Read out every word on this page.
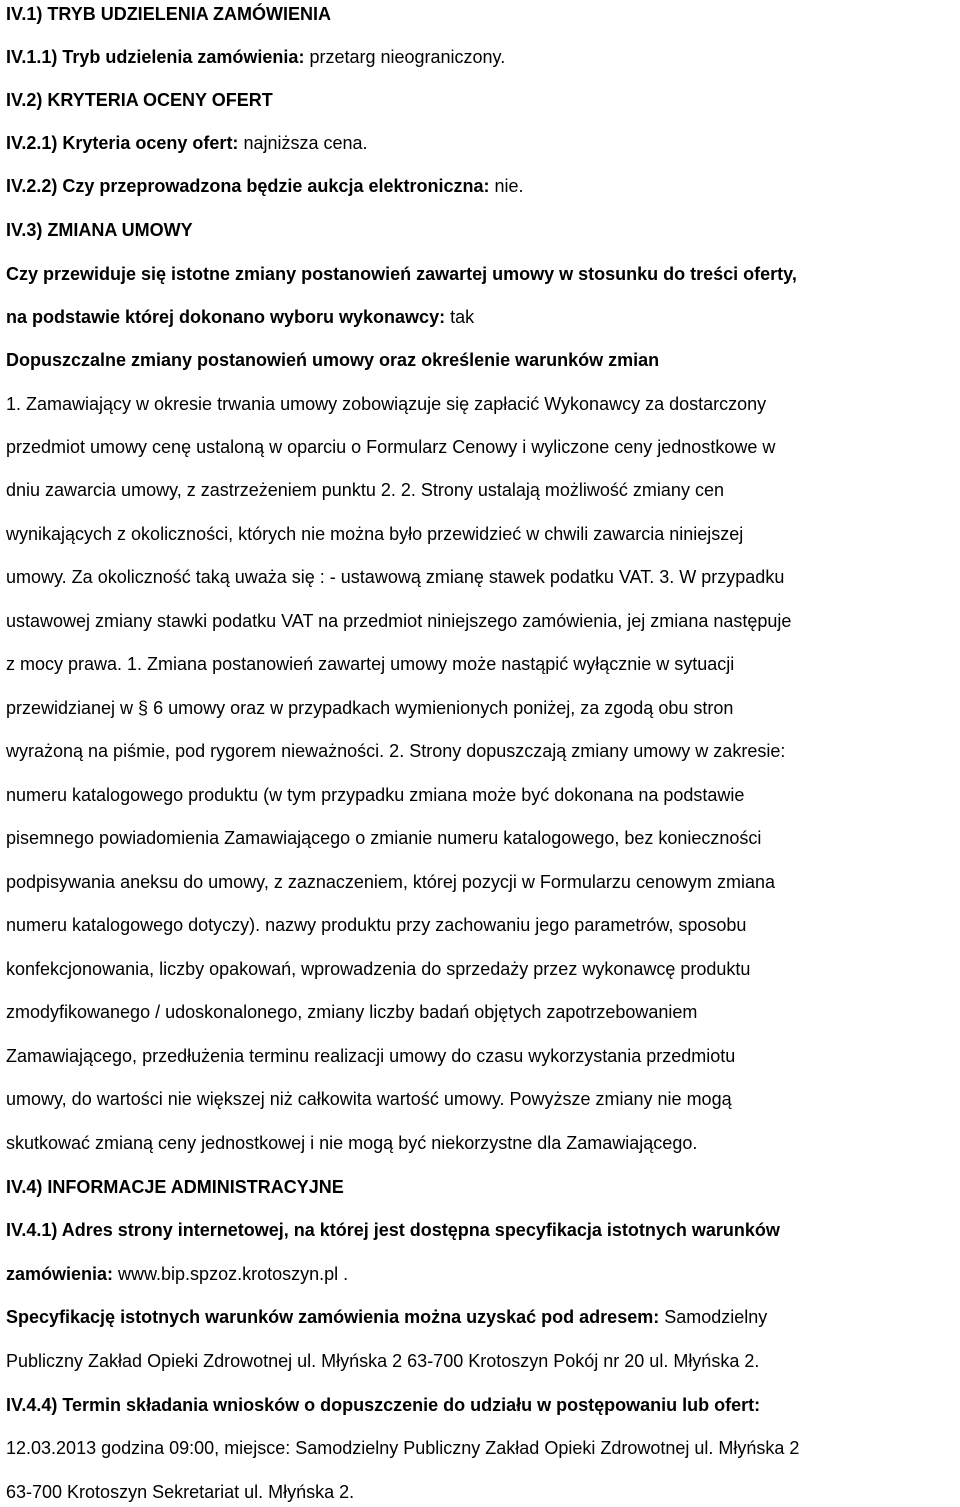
IV.1) TRYB UDZIELENIA ZAMÓWIENIA
IV.1.1) Tryb udzielenia zamówienia: przetarg nieograniczony.
IV.2) KRYTERIA OCENY OFERT
IV.2.1) Kryteria oceny ofert: najniższa cena.
IV.2.2) Czy przeprowadzona będzie aukcja elektroniczna: nie.
IV.3) ZMIANA UMOWY
Czy przewiduje się istotne zmiany postanowień zawartej umowy w stosunku do treści oferty,
na podstawie której dokonano wyboru wykonawcy: tak
Dopuszczalne zmiany postanowień umowy oraz określenie warunków zmian
1. Zamawiający w okresie trwania umowy zobowiązuje się zapłacić Wykonawcy za dostarczony
przedmiot umowy cenę ustaloną w oparciu o Formularz Cenowy i wyliczone ceny jednostkowe w
dniu zawarcia umowy, z zastrzeżeniem punktu 2. 2. Strony ustalają możliwość zmiany cen
wynikających z okoliczności, których nie można było przewidzieć w chwili zawarcia niniejszej
umowy. Za okoliczność taką uważa się : - ustawową zmianę stawek podatku VAT. 3. W przypadku
ustawowej zmiany stawki podatku VAT na przedmiot niniejszego zamówienia, jej zmiana następuje
z mocy prawa. 1. Zmiana postanowień zawartej umowy może nastąpić wyłącznie w sytuacji
przewidzianej w § 6 umowy oraz w przypadkach wymienionych poniżej, za zgodą obu stron
wyrażoną na piśmie, pod rygorem nieważności. 2. Strony dopuszczają zmiany umowy w zakresie:
numeru katalogowego produktu (w tym przypadku zmiana może być dokonana na podstawie
pisemnego powiadomienia Zamawiającego o zmianie numeru katalogowego, bez konieczności
podpisywania aneksu do umowy, z zaznaczeniem, której pozycji w Formularzu cenowym zmiana
numeru katalogowego dotyczy). nazwy produktu przy zachowaniu jego parametrów, sposobu
konfekcjonowania, liczby opakowań, wprowadzenia do sprzedaży przez wykonawcę produktu
zmodyfikowanego / udoskonalonego, zmiany liczby badań objętych zapotrzebowaniem
Zamawiającego, przedłużenia terminu realizacji umowy do czasu wykorzystania przedmiotu
umowy, do wartości nie większej niż całkowita wartość umowy. Powyższe zmiany nie mogą
skutkować zmianą ceny jednostkowej i nie mogą być niekorzystne dla Zamawiającego.
IV.4) INFORMACJE ADMINISTRACYJNE
IV.4.1) Adres strony internetowej, na której jest dostępna specyfikacja istotnych warunków
zamówienia: www.bip.spzoz.krotoszyn.pl .
Specyfikację istotnych warunków zamówienia można uzyskać pod adresem: Samodzielny
Publiczny Zakład Opieki Zdrowotnej ul. Młyńska 2 63-700 Krotoszyn Pokój nr 20 ul. Młyńska 2.
IV.4.4) Termin składania wniosków o dopuszczenie do udziału w postępowaniu lub ofert:
12.03.2013 godzina 09:00, miejsce: Samodzielny Publiczny Zakład Opieki Zdrowotnej ul. Młyńska 2
63-700 Krotoszyn Sekretariat ul. Młyńska 2.
